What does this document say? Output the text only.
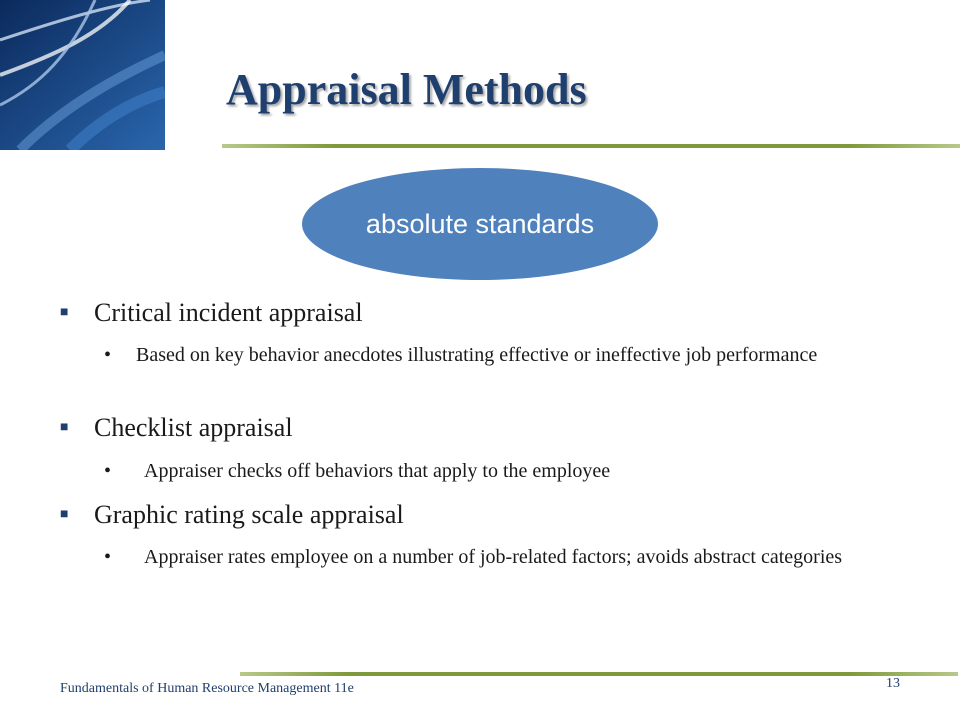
Appraisal Methods
absolute standards
■ Critical incident appraisal
•	Based on key behavior anecdotes illustrating effective or ineffective job performance
■ Checklist appraisal
•	Appraiser checks off behaviors that apply to the employee
■ Graphic rating scale appraisal
•	Appraiser rates employee on a number of job-related factors; avoids abstract categories
Fundamentals of Human Resource Management 11e	13
